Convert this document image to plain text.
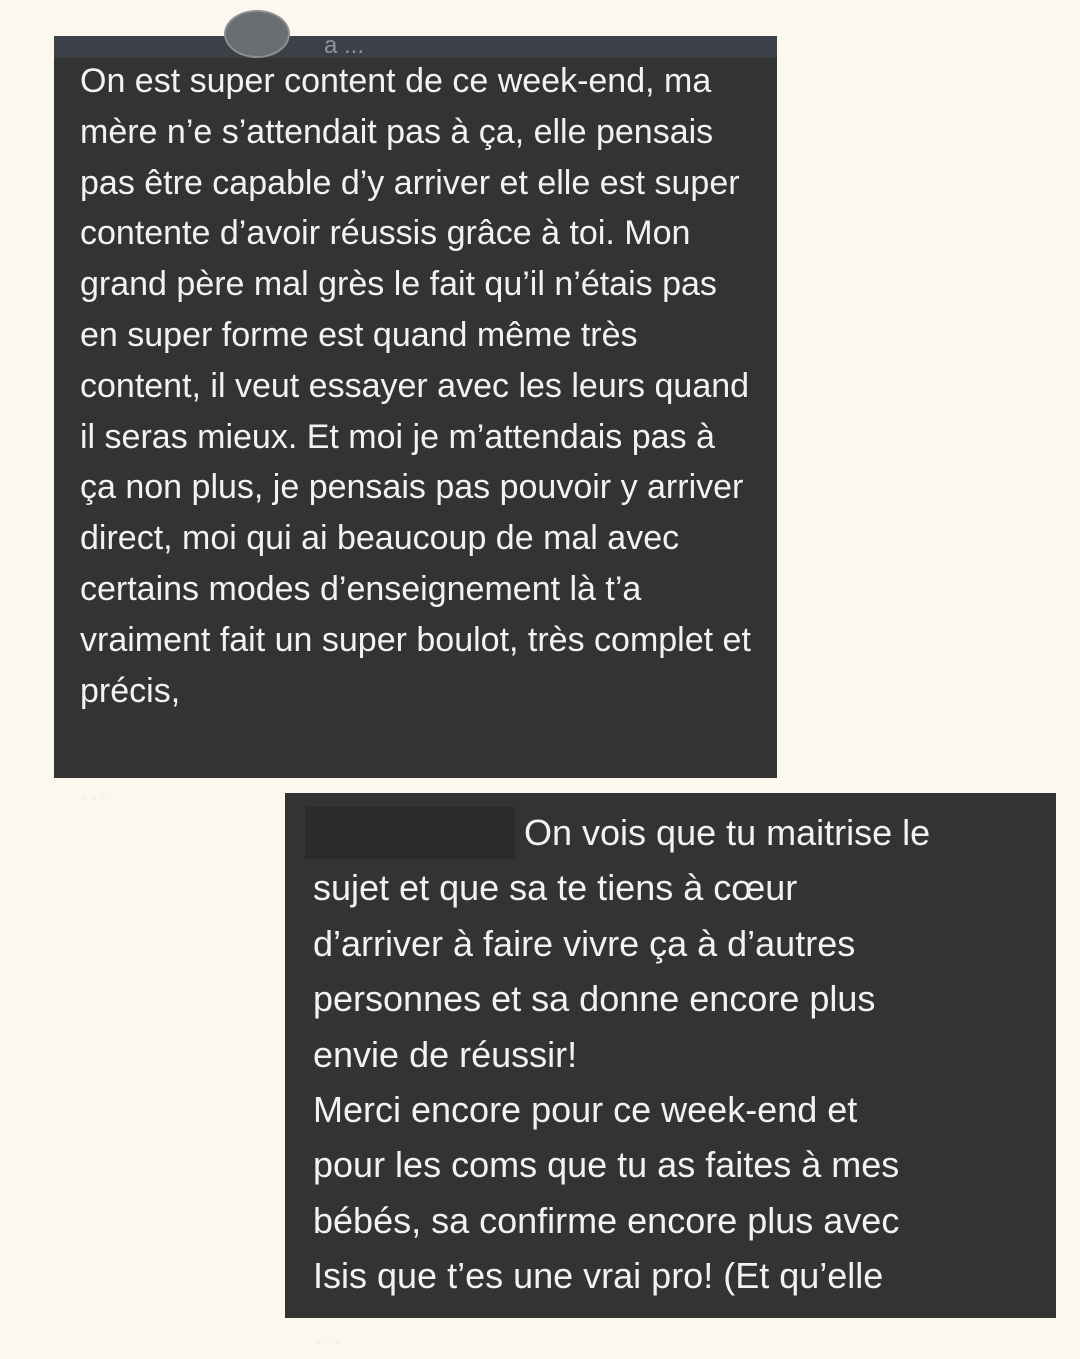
a ...

On est super content de ce week-end, ma mère n’e s’attendait pas à ça, elle pensais pas être capable d’y arriver et elle est super contente d’avoir réussis grâce à toi. Mon grand père mal grès le fait qu’il n’étais pas en super forme est quand même très content, il veut essayer avec les leurs quand il seras mieux. Et moi je m’attendais pas à ça non plus, je pensais pas pouvoir y arriver direct, moi qui ai beaucoup de mal avec certains modes d’enseignement là t’a vraiment fait un super boulot, très complet et précis,

...

On vois que tu maitrise le
sujet et que sa te tiens à cœur
d’arriver à faire vivre ça à d’autres
personnes et sa donne encore plus
envie de réussir!
Merci encore pour ce week-end et
pour les coms que tu as faites à mes
bébés, sa confirme encore plus avec
Isis que t’es une vrai pro! (Et qu’elle
...
